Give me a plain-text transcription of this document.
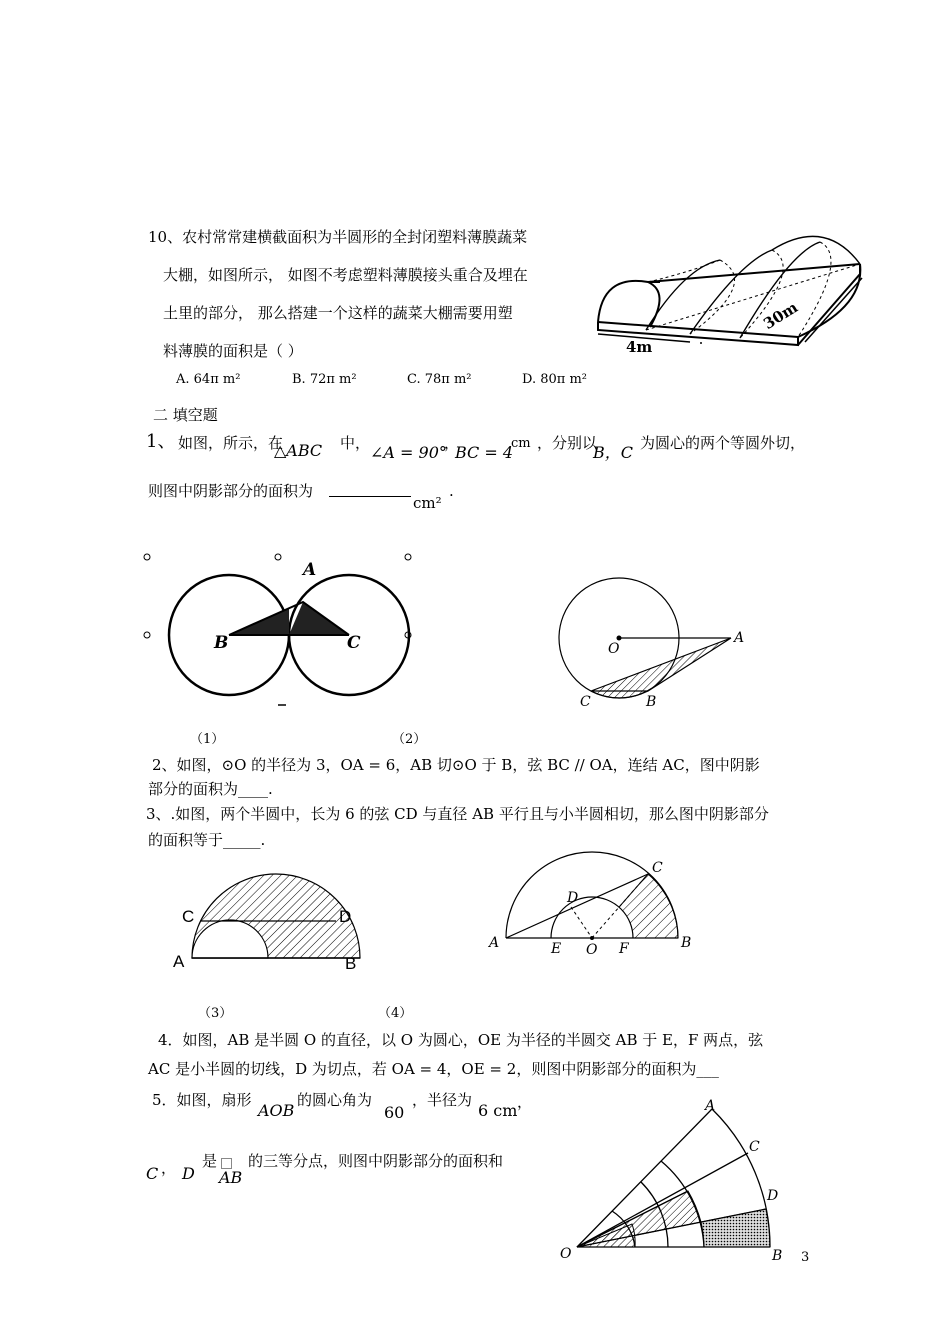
10、农村常常建横截面积为半圆形的全封闭塑料薄膜蔬菜
大棚，如图所示， 如图不考虑塑料薄膜接头重合及埋在
土里的部分， 那么搭建一个这样的蔬菜大棚需要用塑
料薄膜的面积是（ ）
A. 64π m²	B. 72π m²	C. 78π m²	D. 80π m²
4m
30m
二 填空题
1、 如图，所示，在
△ABC 中， ∠A = 90°
，
BC = 4
cm ，分别以
B，C 为圆心的两个等圆外切，
则图中阴影部分的面积为
cm²
.
A
B	C	O
A
B
C
（1）	（2）
2、如图，⊙O 的半径为 3，OA = 6，AB 切⊙O 于 B，弦 BC // OA，连结 AC，图中阴影
部分的面积为____.
3、.如图，两个半圆中，长为 6 的弦 CD 与直径 AB 平行且与小半圆相切，那么图中阴影部分
的面积等于_____.
C	D
A	B
C
D
A	E O F	B
（3）	（4）
4．如图，AB 是半圆 O 的直径，以 O 为圆心，OE 为半径的半圆交 AB 于 E，F 两点，弦
AC 是小半圆的切线，D 为切点，若 OA = 4，OE = 2，则图中阴影部分的面积为___
5．如图，扇形
AOB
的圆心角为
60
，半径为
6 cm ，
C ， D
是
AB
的三等分点，则图中阴影部分的面积和
A
C
D
O	B 3
